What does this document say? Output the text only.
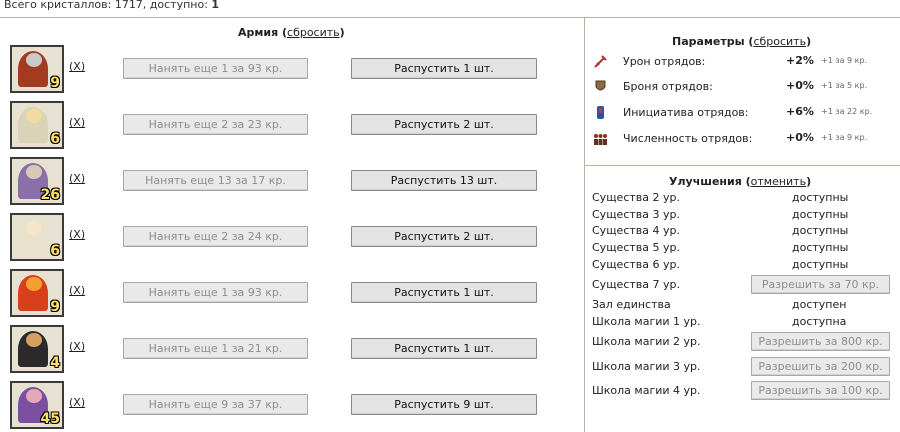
Всего кристаллов: 1717, доступно: 1
Армия (сбросить)
9
(X)	Нанять еще 1 за 93 кр.	Распустить 1 шт.
6
(X)	Нанять еще 2 за 23 кр.	Распустить 2 шт.
26
(X)	Нанять еще 13 за 17 кр.	Распустить 13 шт.
6
(X)	Нанять еще 2 за 24 кр.	Распустить 2 шт.
9
(X)	Нанять еще 1 за 93 кр.	Распустить 1 шт.
4
(X)	Нанять еще 1 за 21 кр.	Распустить 1 шт.
45
(X)	Нанять еще 9 за 37 кр.	Распустить 9 шт.
Параметры (сбросить)
Урон отрядов:	+2% +1 за 9 кр.
Броня отрядов:	+0% +1 за 5 кр.
Инициатива отрядов:	+6% +1 за 22 кр.
Численность отрядов:	+0% +1 за 9 кр.
Улучшения (отменить)
Существа 2 ур.	доступны
Существа 3 ур.	доступны
Существа 4 ур.	доступны
Существа 5 ур.	доступны
Существа 6 ур.	доступны
Существа 7 ур.	Разрешить за 70 кр.
Зал единства	доступен
Школа магии 1 ур.	доступна
Школа магии 2 ур.	Разрешить за 800 кр.
Школа магии 3 ур.	Разрешить за 200 кр.
Школа магии 4 ур.	Разрешить за 100 кр.
